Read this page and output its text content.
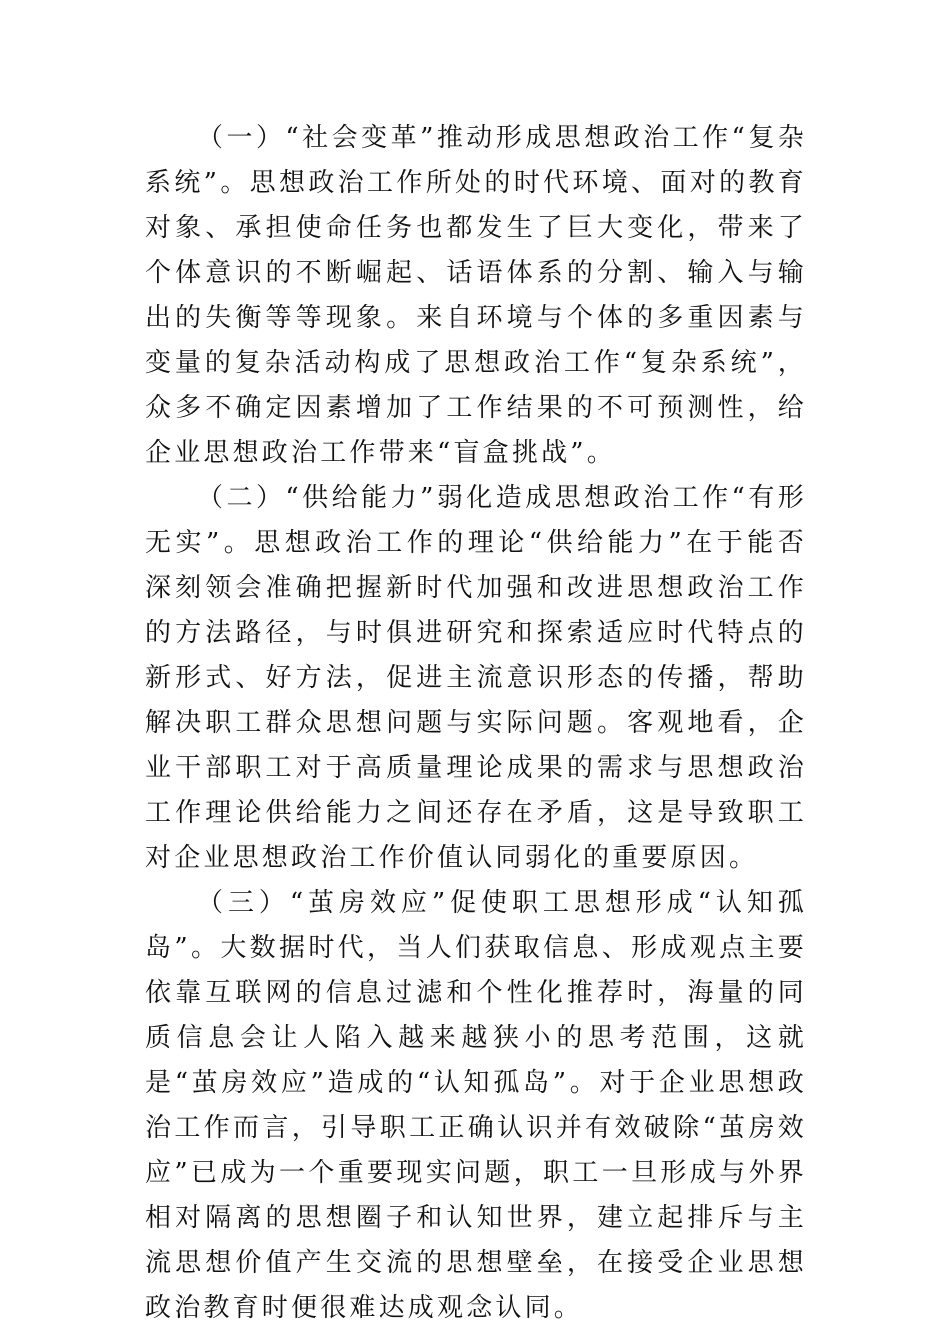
（一）“社会变革”推动形成思想政治工作“复杂系统”。思想政治工作所处的时代环境、面对的教育对象、承担使命任务也都发生了巨大变化，带来了个体意识的不断崛起、话语体系的分割、输入与输出的失衡等等现象。来自环境与个体的多重因素与变量的复杂活动构成了思想政治工作“复杂系统”，众多不确定因素增加了工作结果的不可预测性，给企业思想政治工作带来“盲盒挑战”。

（二）“供给能力”弱化造成思想政治工作“有形无实”。思想政治工作的理论“供给能力”在于能否深刻领会准确把握新时代加强和改进思想政治工作的方法路径，与时俱进研究和探索适应时代特点的新形式、好方法，促进主流意识形态的传播，帮助解决职工群众思想问题与实际问题。客观地看，企业干部职工对于高质量理论成果的需求与思想政治工作理论供给能力之间还存在矛盾，这是导致职工对企业思想政治工作价值认同弱化的重要原因。

（三）“茧房效应”促使职工思想形成“认知孤岛”。大数据时代，当人们获取信息、形成观点主要依靠互联网的信息过滤和个性化推荐时，海量的同质信息会让人陷入越来越狭小的思考范围，这就是“茧房效应”造成的“认知孤岛”。对于企业思想政治工作而言，引导职工正确认识并有效破除“茧房效应”已成为一个重要现实问题，职工一旦形成与外界相对隔离的思想圈子和认知世界，建立起排斥与主流思想价值产生交流的思想壁垒，在接受企业思想政治教育时便很难达成观念认同。
